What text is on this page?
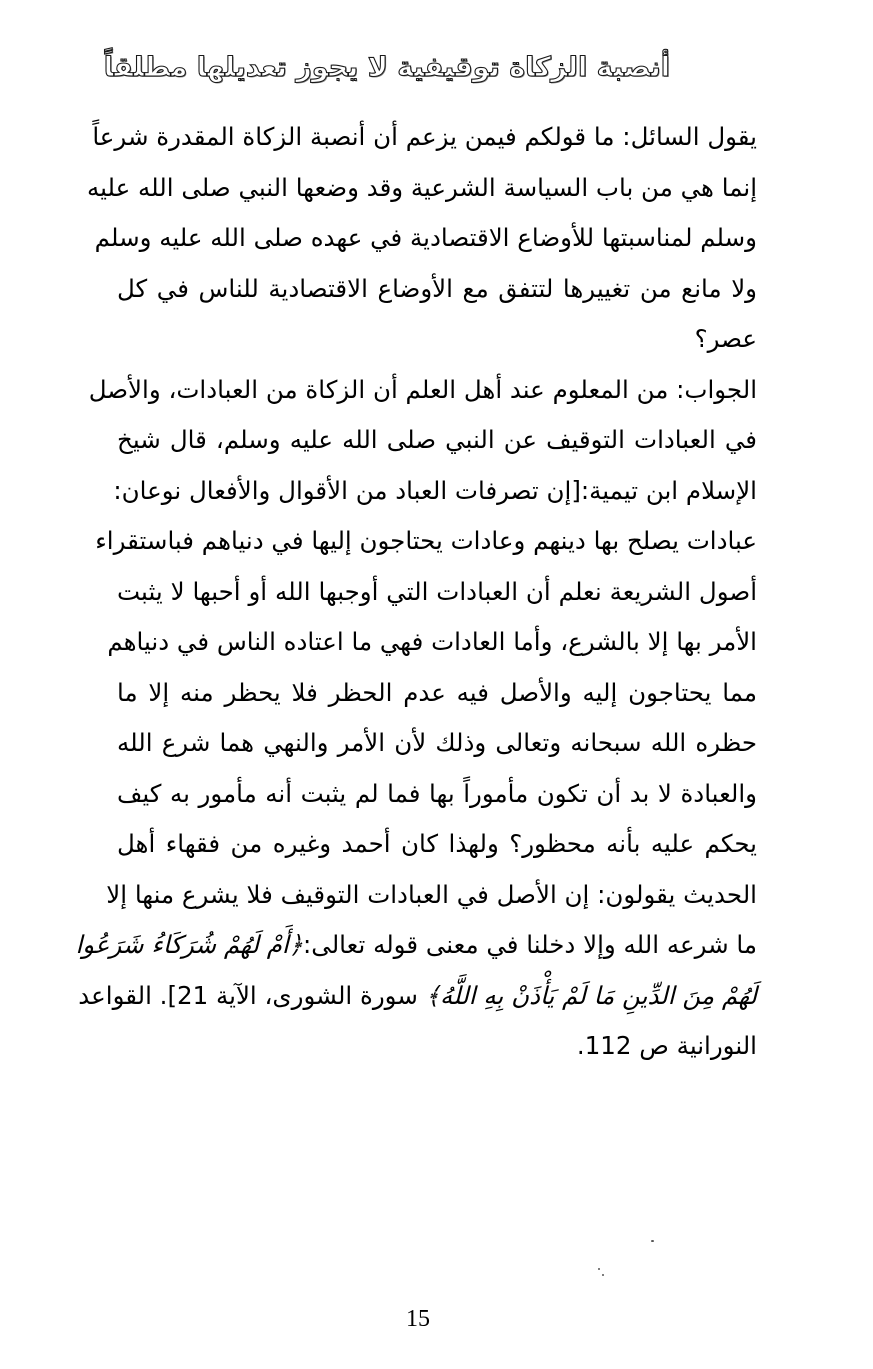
أنصبة الزكاة توقيفية لا يجوز تعديلها مطلقاً
يقول السائل: ما قولكم فيمن يزعم أن أنصبة الزكاة المقدرة شرعاً
إنما هي من باب السياسة الشرعية وقد وضعها النبي صلى الله عليه
وسلم لمناسبتها للأوضاع الاقتصادية في عهده صلى الله عليه وسلم
ولا مانع من تغييرها لتتفق مع الأوضاع الاقتصادية للناس في كل
عصر؟
الجواب: من المعلوم عند أهل العلم أن الزكاة من العبادات، والأصل
في العبادات التوقيف عن النبي صلى الله عليه وسلم، قال شيخ
الإسلام ابن تيمية:[إن تصرفات العباد من الأقوال والأفعال نوعان:
عبادات يصلح بها دينهم وعادات يحتاجون إليها في دنياهم فباستقراء
أصول الشريعة نعلم أن العبادات التي أوجبها الله أو أحبها لا يثبت
الأمر بها إلا بالشرع، وأما العادات فهي ما اعتاده الناس في دنياهم
مما يحتاجون إليه والأصل فيه عدم الحظر فلا يحظر منه إلا ما
حظره الله سبحانه وتعالى وذلك لأن الأمر والنهي هما شرع الله
والعبادة لا بد أن تكون مأموراً بها فما لم يثبت أنه مأمور به كيف
يحكم عليه بأنه محظور؟ ولهذا كان أحمد وغيره من فقهاء أهل
الحديث يقولون: إن الأصل في العبادات التوقيف فلا يشرع منها إلا
ما شرعه الله وإلا دخلنا في معنى قوله تعالى:﴿أَمْ لَهُمْ شُرَكَاءُ شَرَعُوا
لَهُمْ مِنَ الدِّينِ مَا لَمْ يَأْذَنْ بِهِ اللَّهُ﴾ سورة الشورى، الآية 21]. القواعد
النورانية ص 112.
15
